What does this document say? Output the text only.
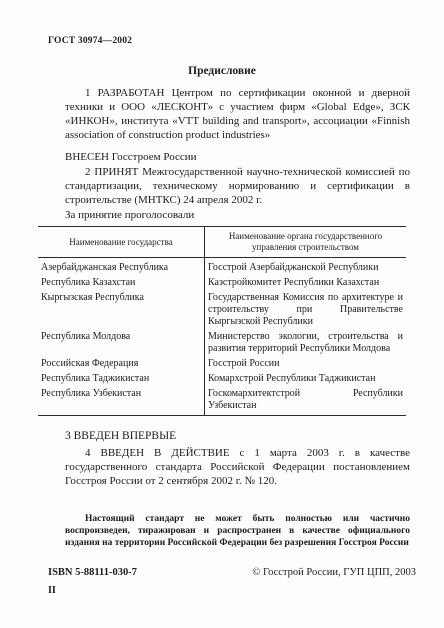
ГОСТ 30974—2002
Предисловие

1 РАЗРАБОТАН Центром по сертификации оконной и дверной техники и ООО «ЛЕСКОНТ» с участием фирм «Global Edge», ЗСК «ИНКОН», института «VTT building and transport», ассоциации «Finnish association of construction product industries»

ВНЕСЕН Госстроем России

2 ПРИНЯТ Межгосударственной научно-технической комиссией по стандартизации, техническому нормированию и сертификации в строительстве (МНТКС) 24 апреля 2002 г.

За принятие проголосовали
Наименование государства	Наименование органа государственного управления строительством
Азербайджанская Республика	Госстрой Азербайджанской Республики
Республика Казахстан	Казстройкомитет Республики Казахстан
Кыргызская Республика	Государственная Комиссия по архитектуре и строительству при Правительстве Кыргызской Республики
Республика Молдова	Министерство экологии, строительства и развития территорий Республики Молдова
Российская Федерация	Госстрой России
Республика Таджикистан	Комархстрой Республики Таджикистан
Республика Узбекистан	Госкомархитектстрой Республики Узбекистан
3 ВВЕДЕН ВПЕРВЫЕ

4 ВВЕДЕН В ДЕЙСТВИЕ с 1 марта 2003 г. в качестве государственного стандарта Российской Федерации постановлением Госстроя России от 2 сентября 2002 г. № 120.

Настоящий стандарт не может быть полностью или частично воспроизведен, тиражирован и распространен в качестве официального издания на территории Российской Федерации без разрешения Госстроя России

ISBN 5-88111-030-7	© Госстрой России, ГУП ЦПП, 2003
II
